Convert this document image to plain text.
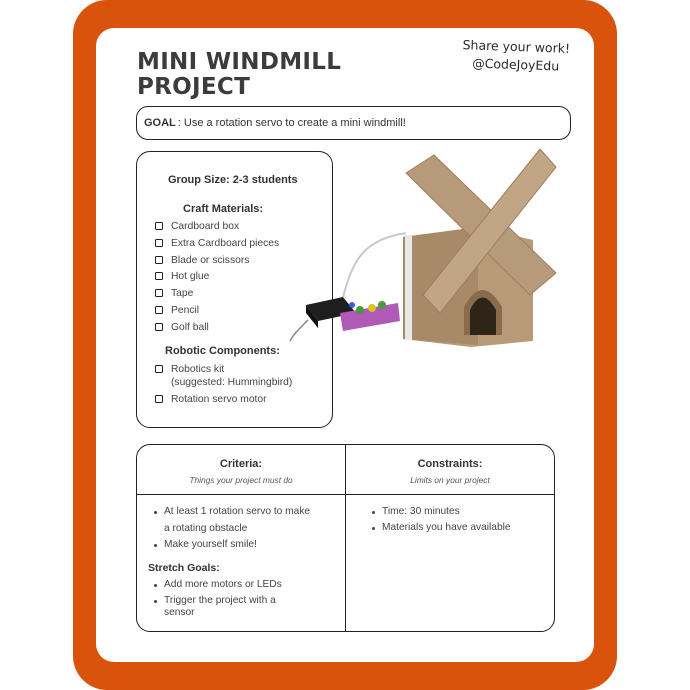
MINI WINDMILL
PROJECT
Share your work!
@CodeJoyEdu
GOAL : Use a rotation servo to create a mini windmill!
Group Size: 2-3 students
Craft Materials:
Cardboard box
Extra Cardboard pieces
Blade or scissors
Hot glue
Tape
Pencil
Golf ball
Robotic Components:
Robotics kit
(suggested: Hummingbird)
Rotation servo motor
Criteria:
Things your project must do
Constraints:
Limits on your project
At least 1 rotation servo to make
a rotating obstacle
Make yourself smile!
Stretch Goals:
Add more motors or LEDs
Trigger the project with a
sensor
Time: 30 minutes
Materials you have available
